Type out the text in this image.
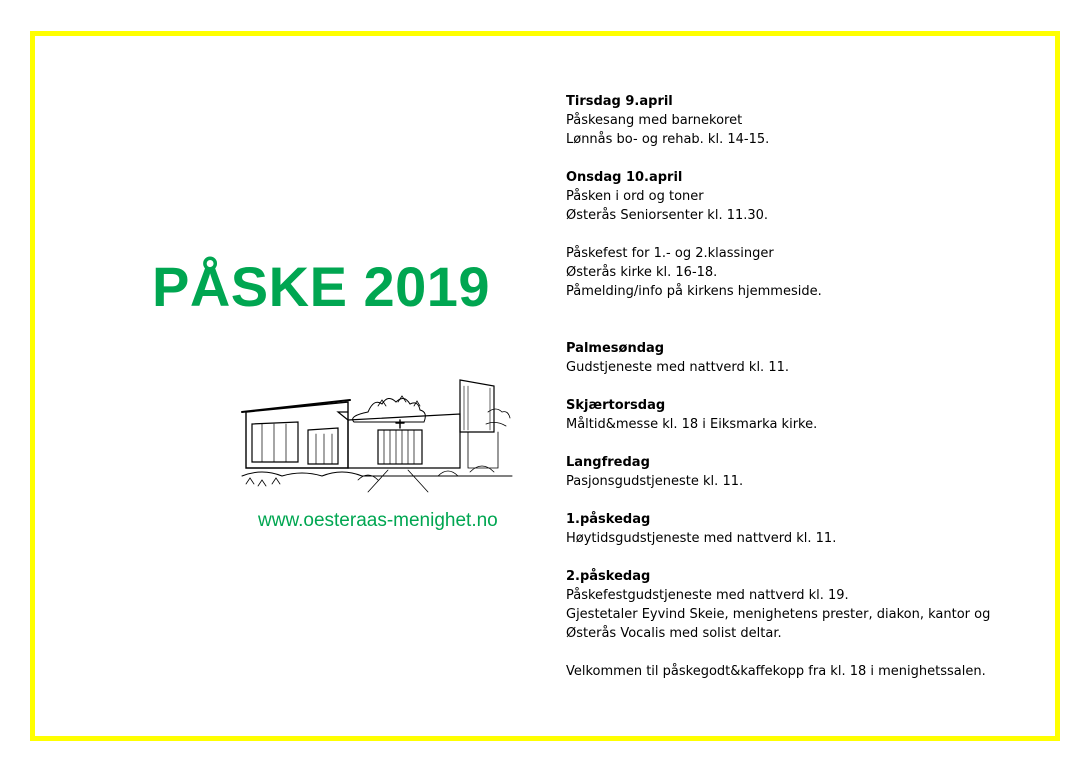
PÅSKE 2019
www.oesteraas-menighet.no
Tirsdag 9.april
Påskesang med barnekoret
Lønnås bo- og rehab. kl. 14-15.
Onsdag 10.april
Påsken i ord og toner
Østerås Seniorsenter kl. 11.30.
Påskefest for 1.- og 2.klassinger
Østerås kirke kl. 16-18.
Påmelding/info på kirkens hjemmeside.
Palmesøndag
Gudstjeneste med nattverd kl. 11.
Skjærtorsdag
Måltid&messe kl. 18 i Eiksmarka kirke.
Langfredag
Pasjonsgudstjeneste kl. 11.
1.påskedag
Høytidsgudstjeneste med nattverd kl. 11.
2.påskedag
Påskefestgudstjeneste med nattverd kl. 19.
Gjestetaler Eyvind Skeie, menighetens prester, diakon, kantor og
Østerås Vocalis med solist deltar.
Velkommen til påskegodt&kaffekopp fra kl. 18 i menighetssalen.
